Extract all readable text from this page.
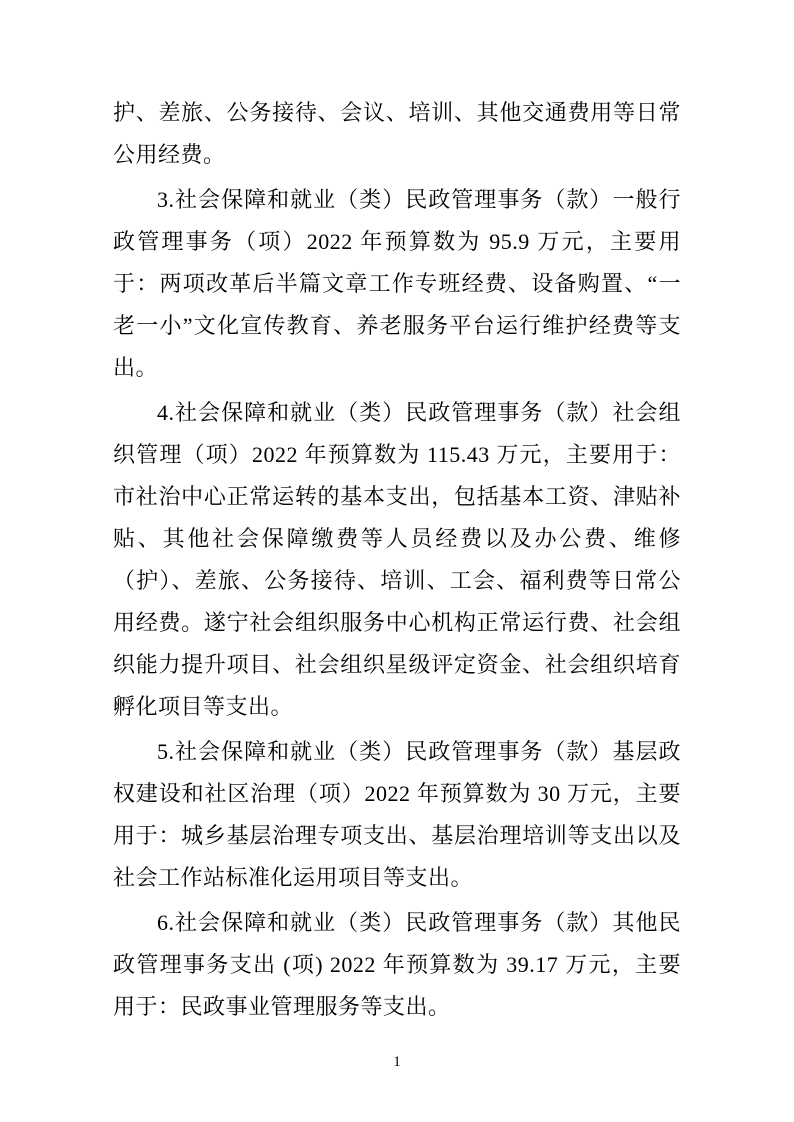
护、差旅、公务接待、会议、培训、其他交通费用等日常公用经费。

3.社会保障和就业（类）民政管理事务（款）一般行政管理事务（项）2022 年预算数为 95.9 万元，主要用于：两项改革后半篇文章工作专班经费、设备购置、“一老一小”文化宣传教育、养老服务平台运行维护经费等支出。

4.社会保障和就业（类）民政管理事务（款）社会组织管理（项）2022 年预算数为 115.43 万元，主要用于：市社治中心正常运转的基本支出，包括基本工资、津贴补贴、其他社会保障缴费等人员经费以及办公费、维修（护）、差旅、公务接待、培训、工会、福利费等日常公用经费。遂宁社会组织服务中心机构正常运行费、社会组织能力提升项目、社会组织星级评定资金、社会组织培育孵化项目等支出。

5.社会保障和就业（类）民政管理事务（款）基层政权建设和社区治理（项）2022 年预算数为 30 万元，主要用于：城乡基层治理专项支出、基层治理培训等支出以及社会工作站标准化运用项目等支出。

6.社会保障和就业（类）民政管理事务（款）其他民政管理事务支出 (项) 2022 年预算数为 39.17 万元，主要用于：民政事业管理服务等支出。

1
